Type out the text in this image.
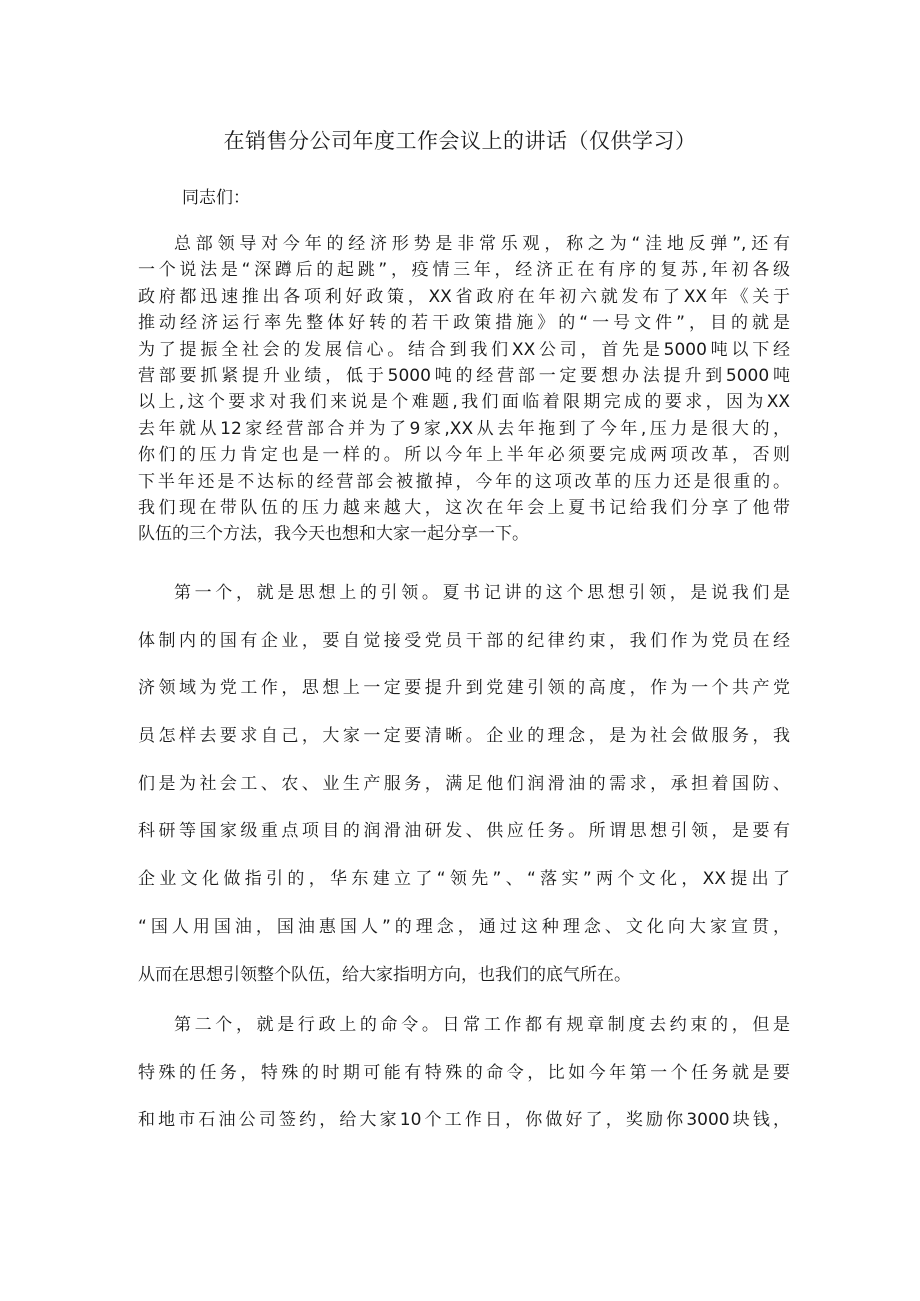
在销售分公司年度工作会议上的讲话（仅供学习）
同志们：
总部领导对今年的经济形势是非常乐观，称之为“洼地反弹”,还有
一个说法是“深蹲后的起跳”，疫情三年，经济正在有序的复苏,年初各级
政府都迅速推出各项利好政策，XX省政府在年初六就发布了XX年《关于
推动经济运行率先整体好转的若干政策措施》的“一号文件”，目的就是
为了提振全社会的发展信心。结合到我们XX公司，首先是5000吨以下经
营部要抓紧提升业绩，低于5000吨的经营部一定要想办法提升到5000吨
以上,这个要求对我们来说是个难题,我们面临着限期完成的要求，因为XX
去年就从12家经营部合并为了9家,XX从去年拖到了今年,压力是很大的，
你们的压力肯定也是一样的。所以今年上半年必须要完成两项改革，否则
下半年还是不达标的经营部会被撤掉，今年的这项改革的压力还是很重的。
我们现在带队伍的压力越来越大，这次在年会上夏书记给我们分享了他带
队伍的三个方法，我今天也想和大家一起分享一下。
第一个，就是思想上的引领。夏书记讲的这个思想引领，是说我们是
体制内的国有企业，要自觉接受党员干部的纪律约束，我们作为党员在经
济领域为党工作，思想上一定要提升到党建引领的高度，作为一个共产党
员怎样去要求自己，大家一定要清晰。企业的理念，是为社会做服务，我
们是为社会工、农、业生产服务，满足他们润滑油的需求，承担着国防、
科研等国家级重点项目的润滑油研发、供应任务。所谓思想引领，是要有
企业文化做指引的，华东建立了“领先”、“落实”两个文化，XX提出了
“国人用国油，国油惠国人”的理念，通过这种理念、文化向大家宣贯，
从而在思想引领整个队伍，给大家指明方向，也我们的底气所在。
第二个，就是行政上的命令。日常工作都有规章制度去约束的，但是
特殊的任务，特殊的时期可能有特殊的命令，比如今年第一个任务就是要
和地市石油公司签约，给大家10个工作日，你做好了，奖励你3000块钱，
